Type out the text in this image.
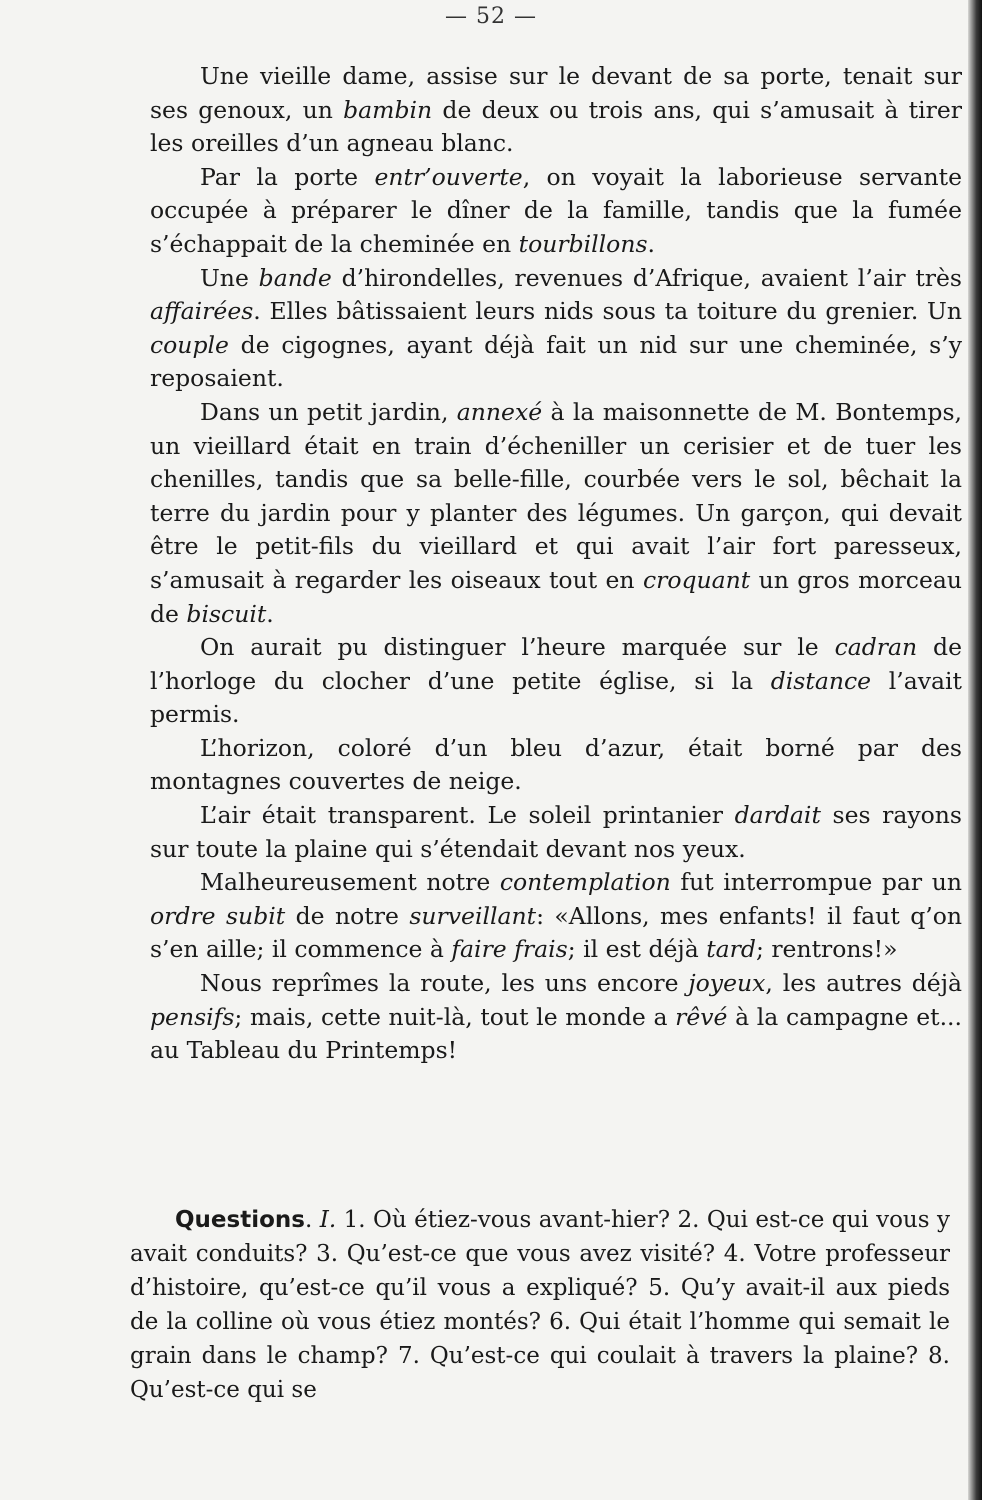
— 52 —

Une vieille dame, assise sur le devant de sa porte, tenait sur ses genoux, un bambin de deux ou trois ans, qui s’amusait à tirer les oreilles d’un agneau blanc.

Par la porte entr’ouverte, on voyait la laborieuse servante occupée à préparer le dîner de la famille, tandis que la fumée s’échappait de la cheminée en tourbillons.

Une bande d’hirondelles, revenues d’Afrique, avaient l’air très affairées. Elles bâtissaient leurs nids sous ta toiture du grenier. Un couple de cigognes, ayant déjà fait un nid sur une cheminée, s’y reposaient.

Dans un petit jardin, annexé à la maisonnette de M. Bontemps, un vieillard était en train d’écheniller un cerisier et de tuer les chenilles, tandis que sa belle-fille, courbée vers le sol, bêchait la terre du jardin pour y planter des légumes. Un garçon, qui devait être le petit-fils du vieillard et qui avait l’air fort paresseux, s’amusait à regarder les oiseaux tout en croquant un gros morceau de biscuit.

On aurait pu distinguer l’heure marquée sur le cadran de l’horloge du clocher d’une petite église, si la distance l’avait permis.

L’horizon, coloré d’un bleu d’azur, était borné par des montagnes couvertes de neige.

L’air était transparent. Le soleil printanier dardait ses rayons sur toute la plaine qui s’étendait devant nos yeux.

Malheureusement notre contemplation fut interrompue par un ordre subit de notre surveillant: «Allons, mes enfants! il faut q’on s’en aille; il commence à faire frais; il est déjà tard; rentrons!»

Nous reprîmes la route, les uns encore joyeux, les autres déjà pensifs; mais, cette nuit-là, tout le monde a rêvé à la campagne et... au Tableau du Printemps!

Questions. I. 1. Où étiez-vous avant-hier? 2. Qui est-ce qui vous y avait conduits? 3. Qu’est-ce que vous avez visité? 4. Votre professeur d’histoire, qu’est-ce qu’il vous a expliqué? 5. Qu’y avait-il aux pieds de la colline où vous étiez montés? 6. Qui était l’homme qui semait le grain dans le champ? 7. Qu’est-ce qui coulait à travers la plaine? 8. Qu’est-ce qui se
